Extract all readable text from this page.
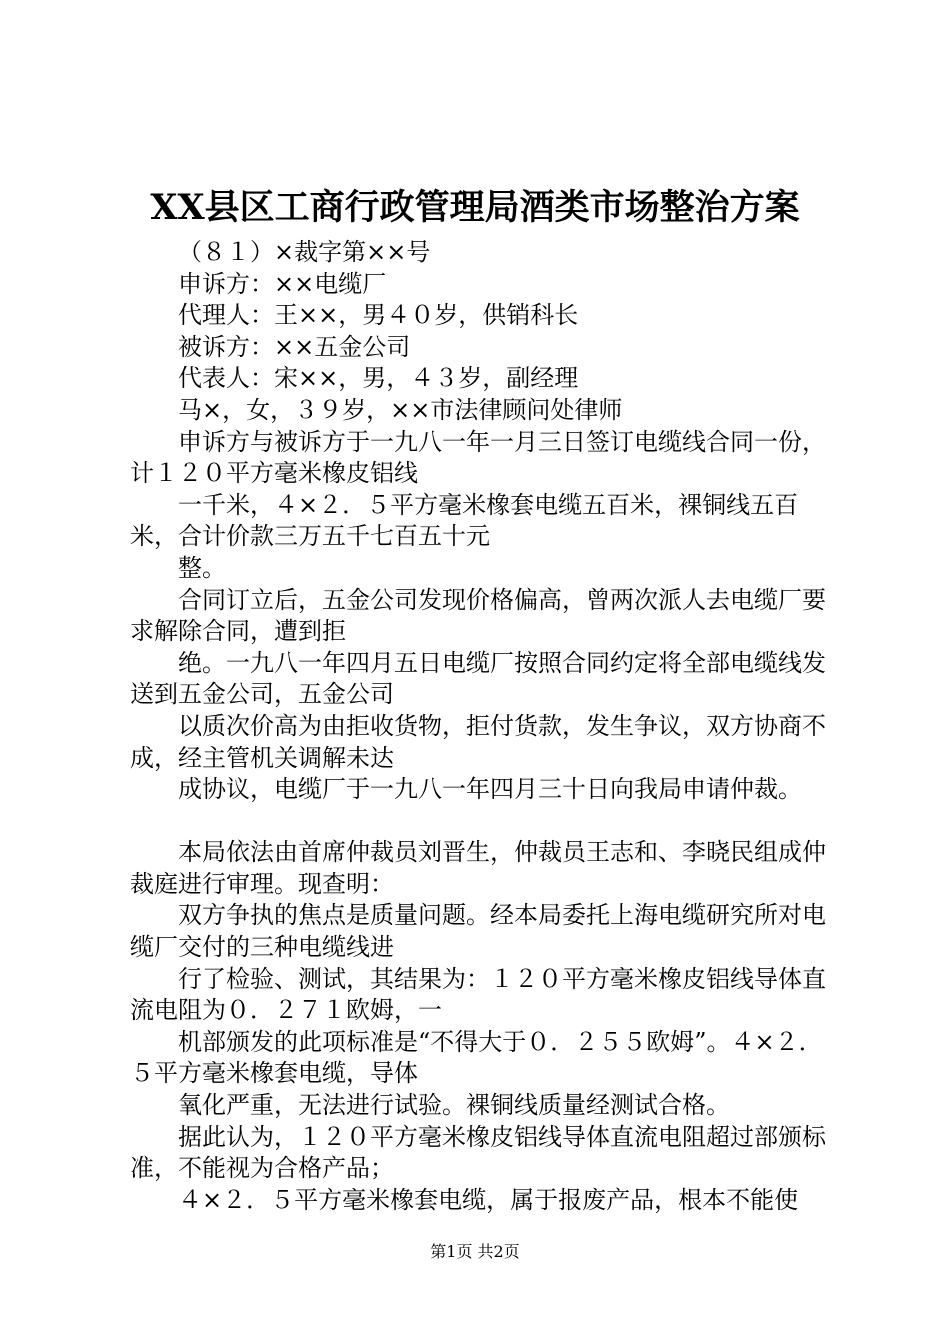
XX县区工商行政管理局酒类市场整治方案

（８１）×裁字第××号

申诉方：××电缆厂

代理人：王××，男４０岁，供销科长

被诉方：××五金公司

代表人：宋××，男，４３岁，副经理

马×，女，３９岁，××市法律顾问处律师

申诉方与被诉方于一九八一年一月三日签订电缆线合同一份，计１２０平方毫米橡皮铝线

一千米，４×２．５平方毫米橡套电缆五百米，裸铜线五百米，合计价款三万五千七百五十元

整。

合同订立后，五金公司发现价格偏高，曾两次派人去电缆厂要求解除合同，遭到拒

绝。一九八一年四月五日电缆厂按照合同约定将全部电缆线发送到五金公司，五金公司

以质次价高为由拒收货物，拒付货款，发生争议，双方协商不成，经主管机关调解未达

成协议，电缆厂于一九八一年四月三十日向我局申请仲裁。

本局依法由首席仲裁员刘晋生，仲裁员王志和、李晓民组成仲裁庭进行审理。现查明：

双方争执的焦点是质量问题。经本局委托上海电缆研究所对电缆厂交付的三种电缆线进

行了检验、测试，其结果为：１２０平方毫米橡皮铝线导体直流电阻为０．２７１欧姆，一

机部颁发的此项标准是“不得大于０．２５５欧姆”。４×２．５平方毫米橡套电缆，导体

氧化严重，无法进行试验。裸铜线质量经测试合格。

据此认为，１２０平方毫米橡皮铝线导体直流电阻超过部颁标准，不能视为合格产品；

４×２．５平方毫米橡套电缆，属于报废产品，根本不能使

第1页 共2页
